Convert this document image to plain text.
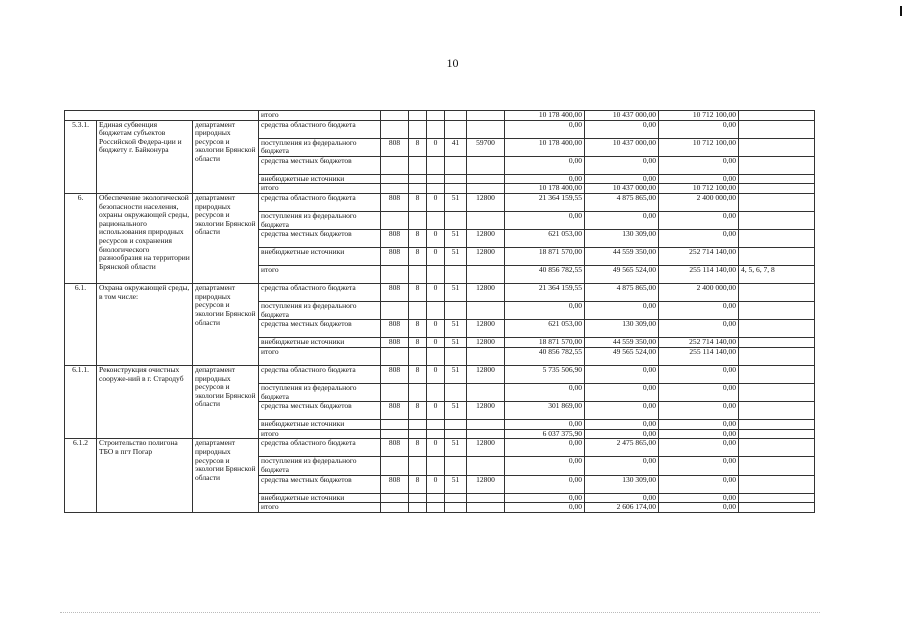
10
			итого						10 178 400,00	10 437 000,00	10 712 100,00	
5.3.1.	Единая субвенция бюджетам субъектов Российской Федера-ции и бюджету г. Байконура	департамент природных ресурсов и экологии Брянской области	средства областного бюджета						0,00	0,00	0,00	
			поступления из федерального бюджета	808	8	0	41	59700	10 178 400,00	10 437 000,00	10 712 100,00	
			средства местных бюджетов						0,00	0,00	0,00	
			внебюджетные источники						0,00	0,00	0,00	
			итого						10 178 400,00	10 437 000,00	10 712 100,00	
6.	Обеспечение экологической безопасности населения, охраны окружающей среды, рационального использования природных ресурсов и сохранения биологического разнообразия на территории Брянской области	департамент природных ресурсов и экологии Брянской области	средства областного бюджета	808	8	0	51	12800	21 364 159,55	4 875 865,00	2 400 000,00	
			поступления из федерального бюджета						0,00	0,00	0,00	
			средства местных бюджетов	808	8	0	51	12800	621 053,00	130 309,00	0,00	
			внебюджетные источники	808	8	0	51	12800	18 871 570,00	44 559 350,00	252 714 140,00	
			итого						40 856 782,55	49 565 524,00	255 114 140,00	4, 5, 6, 7, 8
6.1.	Охрана окружающей среды, в том числе:	департамент природных ресурсов и экологии Брянской области	средства областного бюджета	808	8	0	51	12800	21 364 159,55	4 875 865,00	2 400 000,00	
			поступления из федерального бюджета						0,00	0,00	0,00	
			средства местных бюджетов	808	8	0	51	12800	621 053,00	130 309,00	0,00	
			внебюджетные источники	808	8	0	51	12800	18 871 570,00	44 559 350,00	252 714 140,00	
			итого						40 856 782,55	49 565 524,00	255 114 140,00	
6.1.1.	Реконструкция очистных сооруже-ний в г. Стародуб	департамент природных ресурсов и экологии Брянской области	средства областного бюджета	808	8	0	51	12800	5 735 506,90	0,00	0,00	
			поступления из федерального бюджета						0,00	0,00	0,00	
			средства местных бюджетов	808	8	0	51	12800	301 869,00	0,00	0,00	
			внебюджетные источники						0,00	0,00	0,00	
			итого						6 037 375,90	0,00	0,00	
6.1.2	Строительство полигона ТБО в пгт Погар	департамент природных ресурсов и экологии Брянской области	средства областного бюджета	808	8	0	51	12800	0,00	2 475 865,00	0,00	
			поступления из федерального бюджета						0,00	0,00	0,00	
			средства местных бюджетов	808	8	0	51	12800	0,00	130 309,00	0,00	
			внебюджетные источники						0,00	0,00	0,00	
			итого						0,00	2 606 174,00	0,00	
